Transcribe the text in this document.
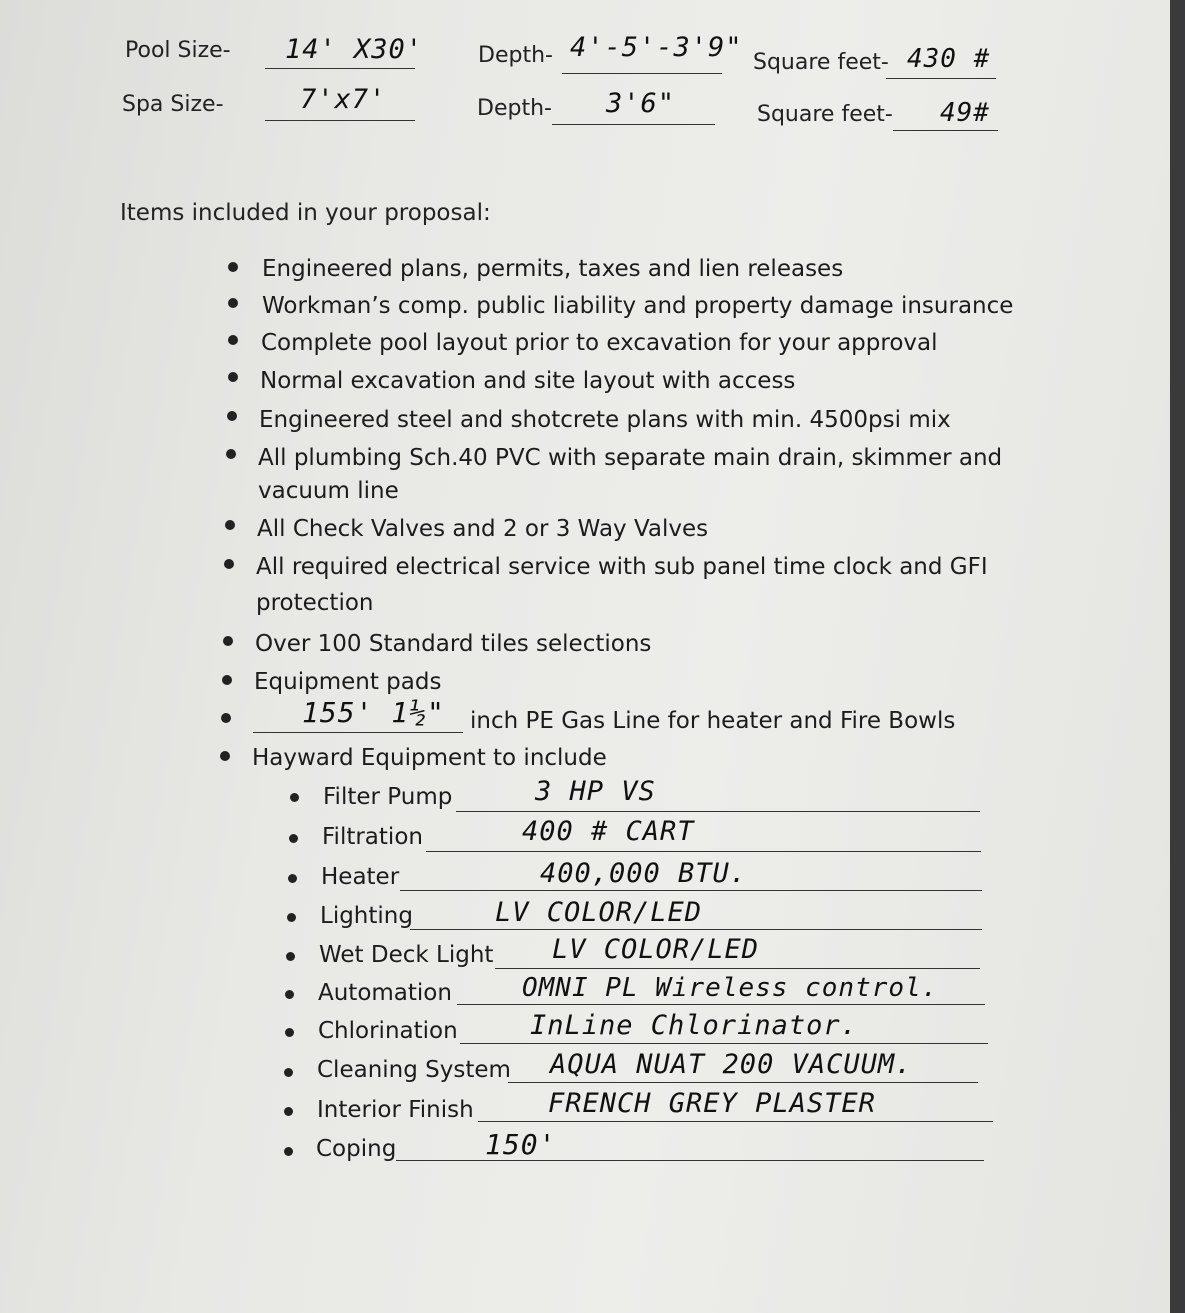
Pool Size- 14' X30' Depth- 4'-5'-3'9" Square feet- 430 #
Spa Size-	7'x7'	Depth- 3'6"	Square feet- 49#
Items included in your proposal:
Engineered plans, permits, taxes and lien releases
Workman’s comp. public liability and property damage insurance
Complete pool layout prior to excavation for your approval
Normal excavation and site layout with access
Engineered steel and shotcrete plans with min. 4500psi mix
All plumbing Sch.40 PVC with separate main drain, skimmer and
vacuum line
All Check Valves and 2 or 3 Way Valves
All required electrical service with sub panel time clock and GFI
protection
Over 100 Standard tiles selections
Equipment pads
155' 1½" inch PE Gas Line for heater and Fire Bowls
Hayward Equipment to include
Filter Pump	3 HP VS
Filtration	400 # CART
Heater	400,000 BTU.
Lighting	LV COLOR/LED
Wet Deck Light LV COLOR/LED
Automation	OMNI PL Wireless control.
Chlorination	InLine Chlorinator.
Cleaning System AQUA NUAT 200 VACUUM.
Interior Finish	FRENCH GREY PLASTER
Coping	150'
